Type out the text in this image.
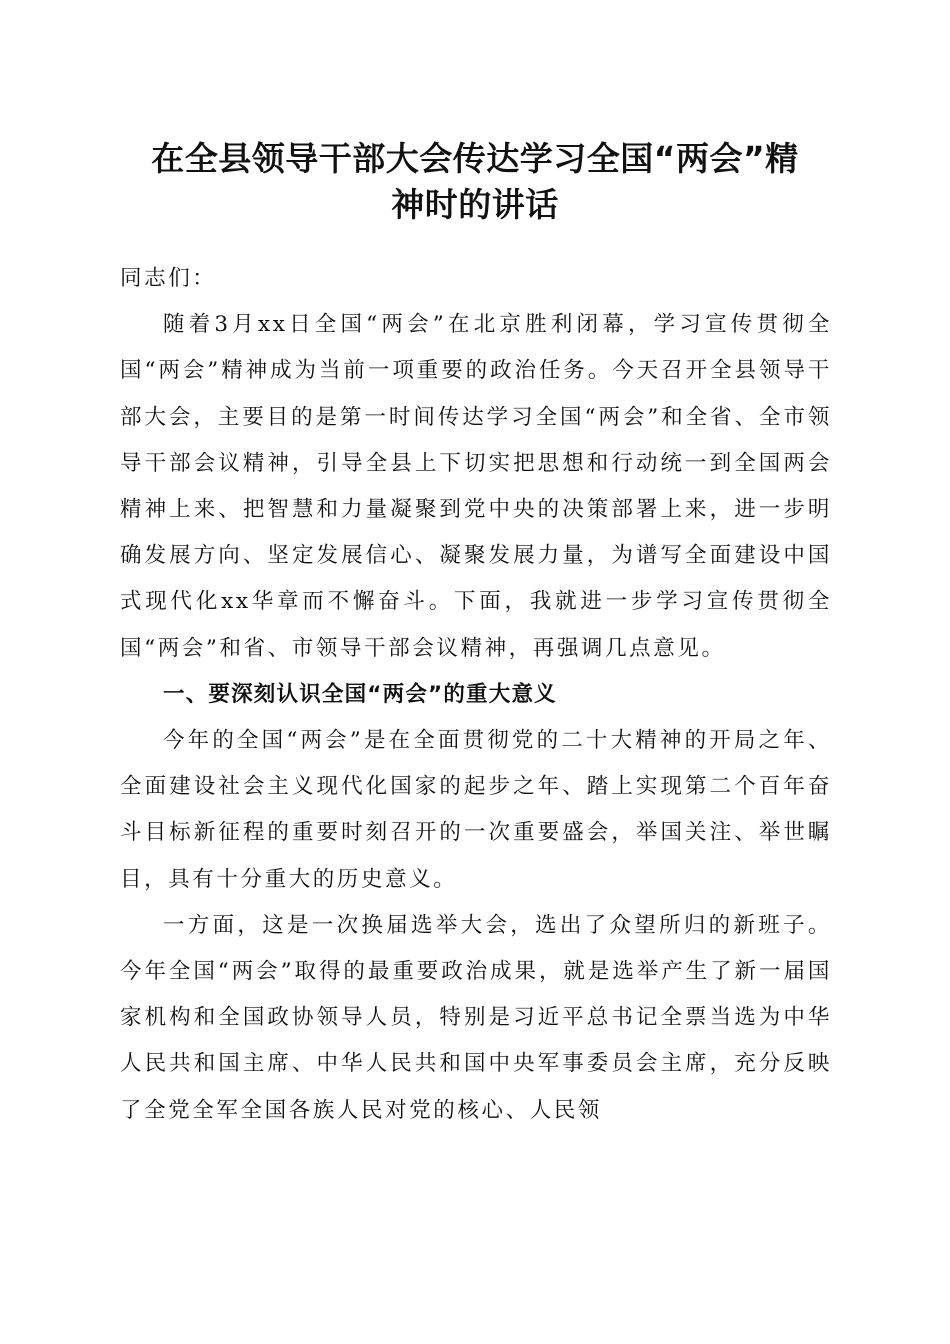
在全县领导干部大会传达学习全国“两会”精
神时的讲话

同志们：

随着3月xx日全国“两会”在北京胜利闭幕，学习宣传贯彻全国“两会”精神成为当前一项重要的政治任务。今天召开全县领导干部大会，主要目的是第一时间传达学习全国“两会”和全省、全市领导干部会议精神，引导全县上下切实把思想和行动统一到全国两会精神上来、把智慧和力量凝聚到党中央的决策部署上来，进一步明确发展方向、坚定发展信心、凝聚发展力量，为谱写全面建设中国式现代化xx华章而不懈奋斗。下面，我就进一步学习宣传贯彻全国“两会”和省、市领导干部会议精神，再强调几点意见。

一、要深刻认识全国“两会”的重大意义

今年的全国“两会”是在全面贯彻党的二十大精神的开局之年、全面建设社会主义现代化国家的起步之年、踏上实现第二个百年奋斗目标新征程的重要时刻召开的一次重要盛会，举国关注、举世瞩目，具有十分重大的历史意义。

一方面，这是一次换届选举大会，选出了众望所归的新班子。今年全国“两会”取得的最重要政治成果，就是选举产生了新一届国家机构和全国政协领导人员，特别是习近平总书记全票当选为中华人民共和国主席、中华人民共和国中央军事委员会主席，充分反映了全党全军全国各族人民对党的核心、人民领
